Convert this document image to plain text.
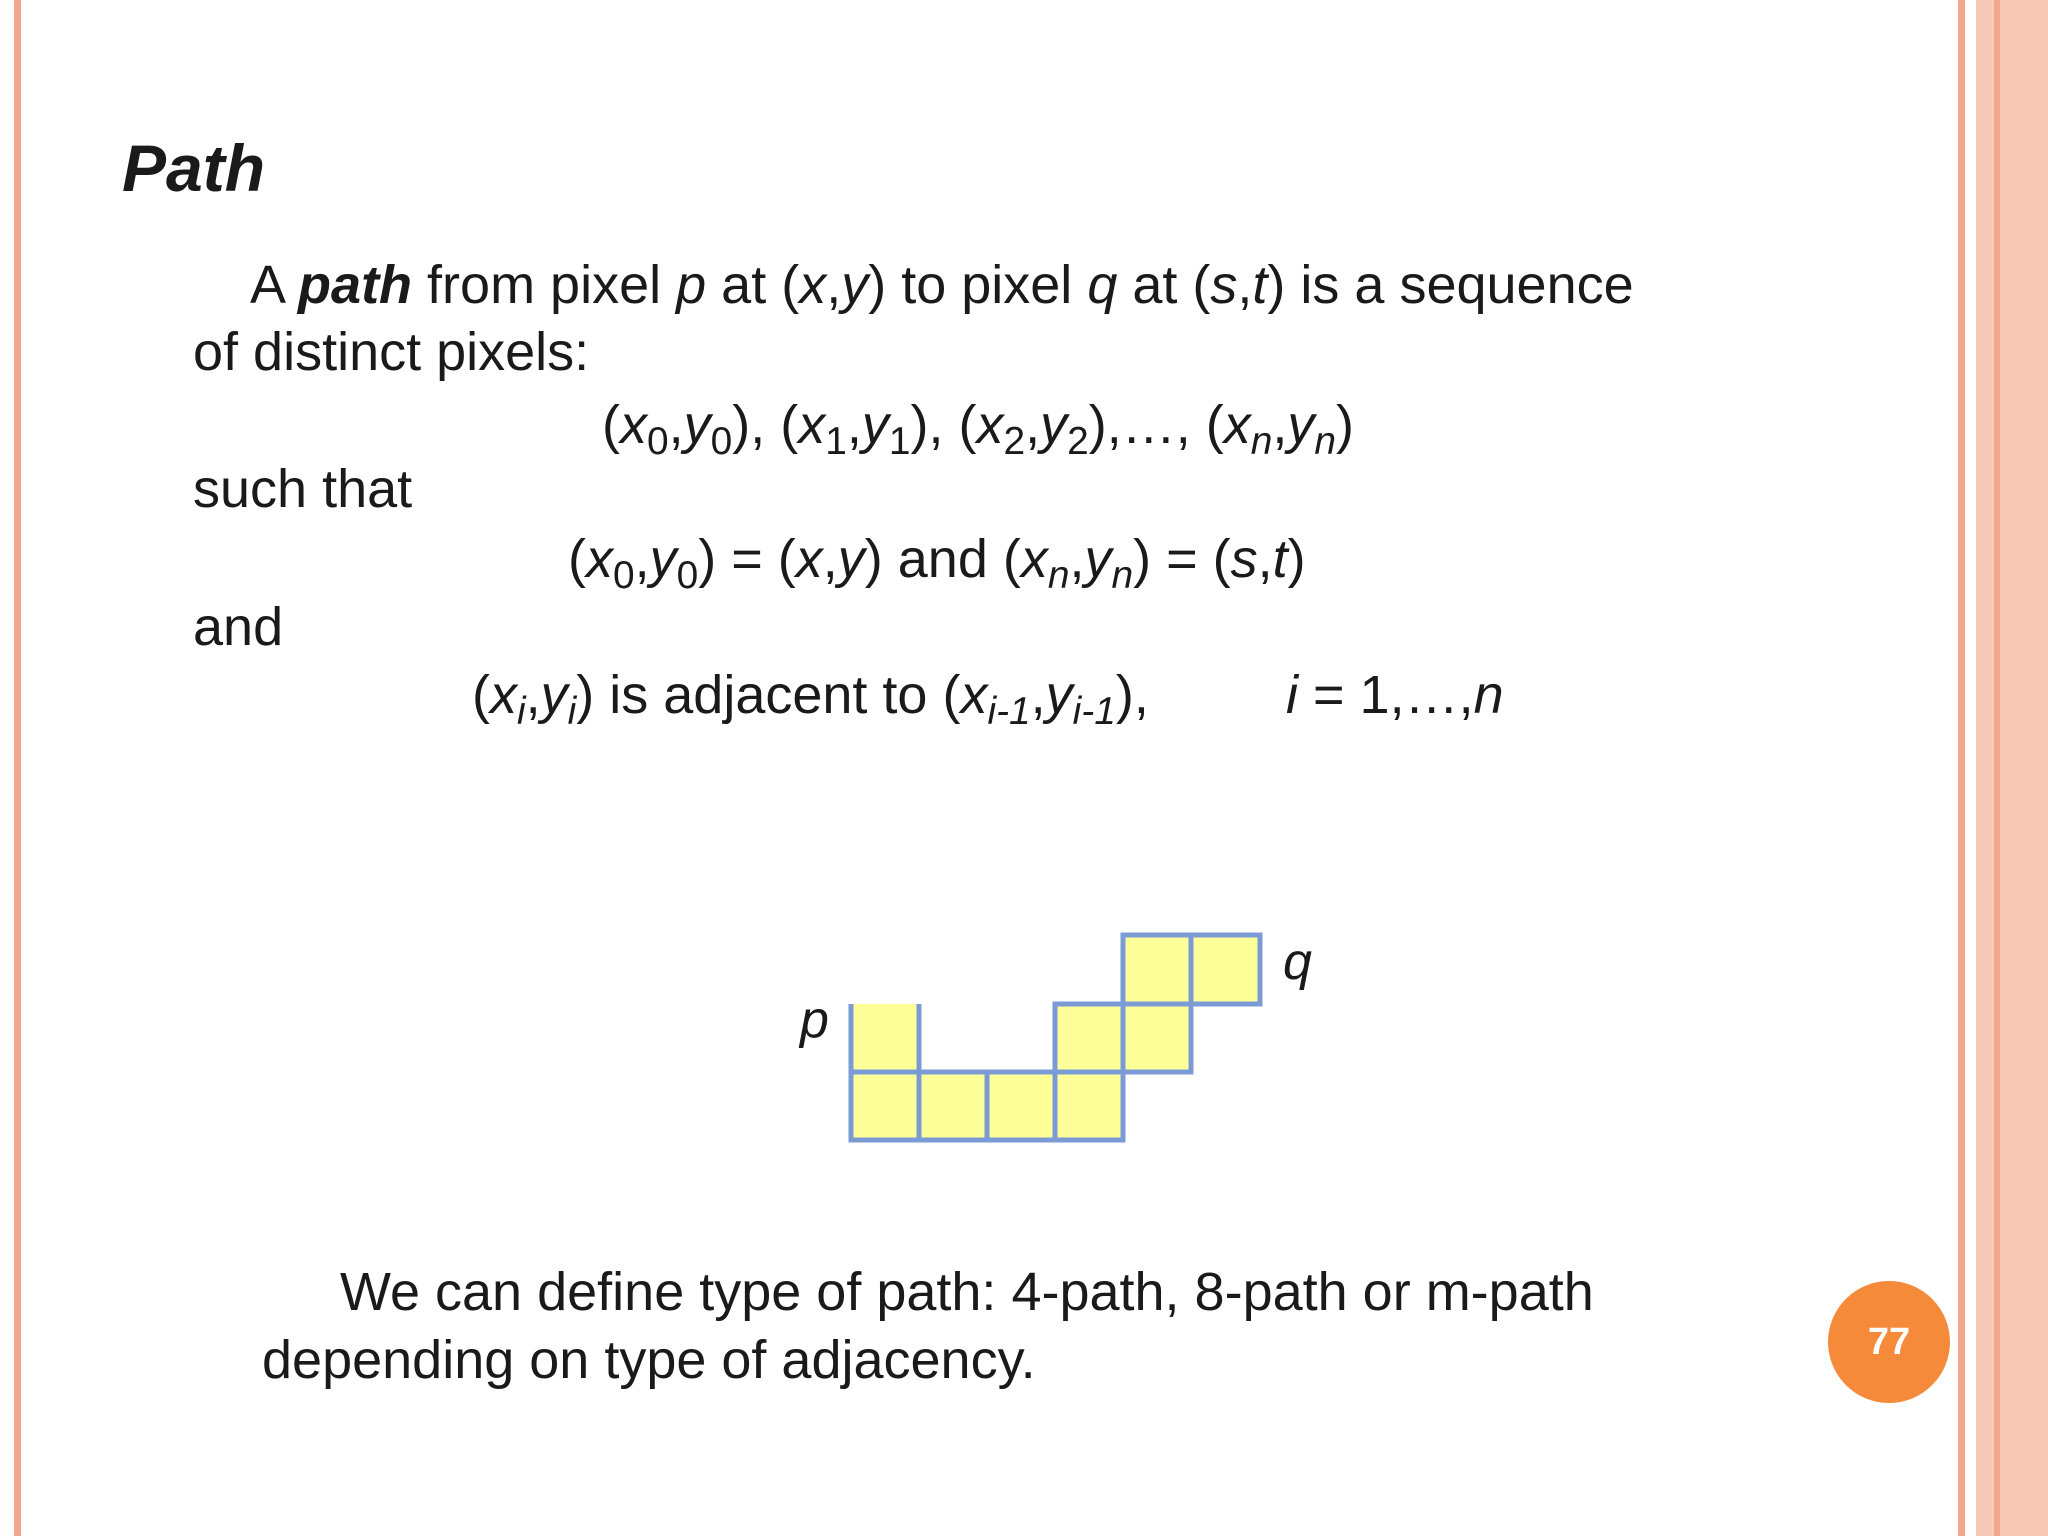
Path
A path from pixel p at (x,y) to pixel q at (s,t) is a sequence
of distinct pixels:
$(x_0,y_0)$, $(x_1,y_1)$, $(x_2,y_2),\dots$, $(x_n,y_n)$
such that
$(x_0,y_0) = (x,y)$ and $(x_n,y_n) = (s,t)$
and
$(x_i,y_i)$ is adjacent to $(x_{i-1},y_{i-1})$,	i = 1,…,n
p
q
We can define type of path: 4-path, 8-path or m-path
depending on type of adjacency.	77
